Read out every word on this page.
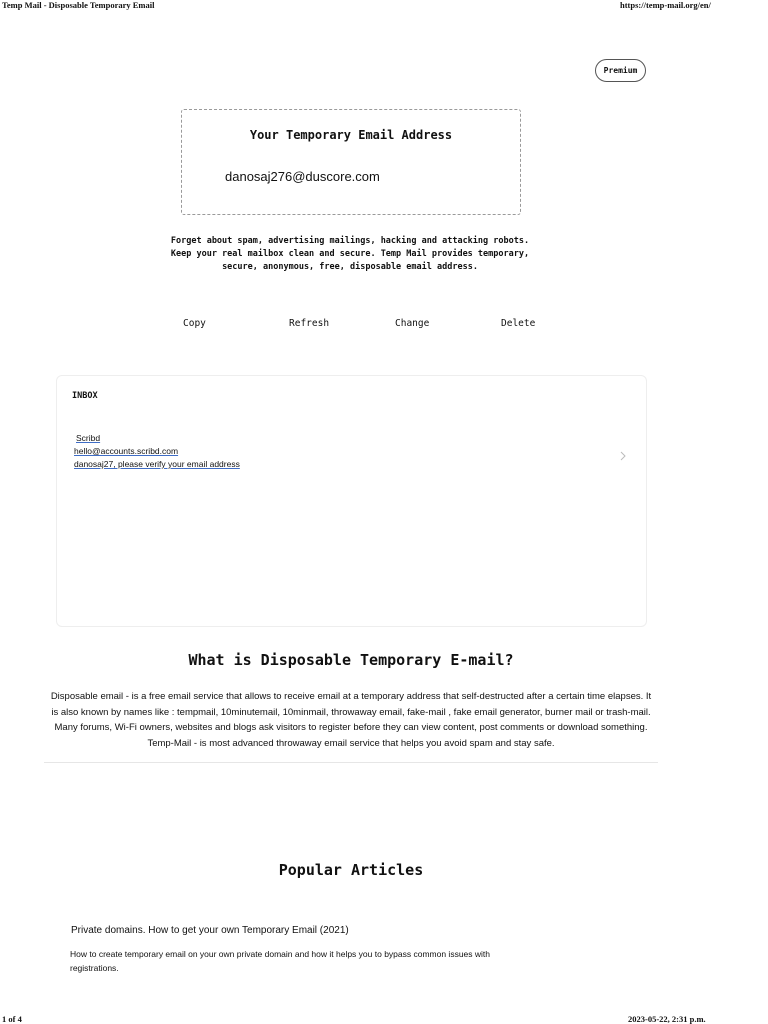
Temp Mail - Disposable Temporary Email	https://temp-mail.org/en/
Premium
Your Temporary Email Address
danosaj276@duscore.com
Forget about spam, advertising mailings, hacking and attacking robots.
Keep your real mailbox clean and secure. Temp Mail provides temporary,
secure, anonymous, free, disposable email address.
Copy	Refresh	Change	Delete
INBOX
Scribd
hello@accounts.scribd.com
danosaj27, please verify your email address
What is Disposable Temporary E-mail?
Disposable email - is a free email service that allows to receive email at a temporary address that self-destructed after a certain time elapses. It is also known by names like : tempmail, 10minutemail, 10minmail, throwaway email, fake-mail , fake email generator, burner mail or trash-mail. Many forums, Wi-Fi owners, websites and blogs ask visitors to register before they can view content, post comments or download something. Temp-Mail - is most advanced throwaway email service that helps you avoid spam and stay safe.
Popular Articles
Private domains. How to get your own Temporary Email (2021)
How to create temporary email on your own private domain and how it helps you to bypass common issues with registrations.
1 of 4	2023-05-22, 2:31 p.m.
